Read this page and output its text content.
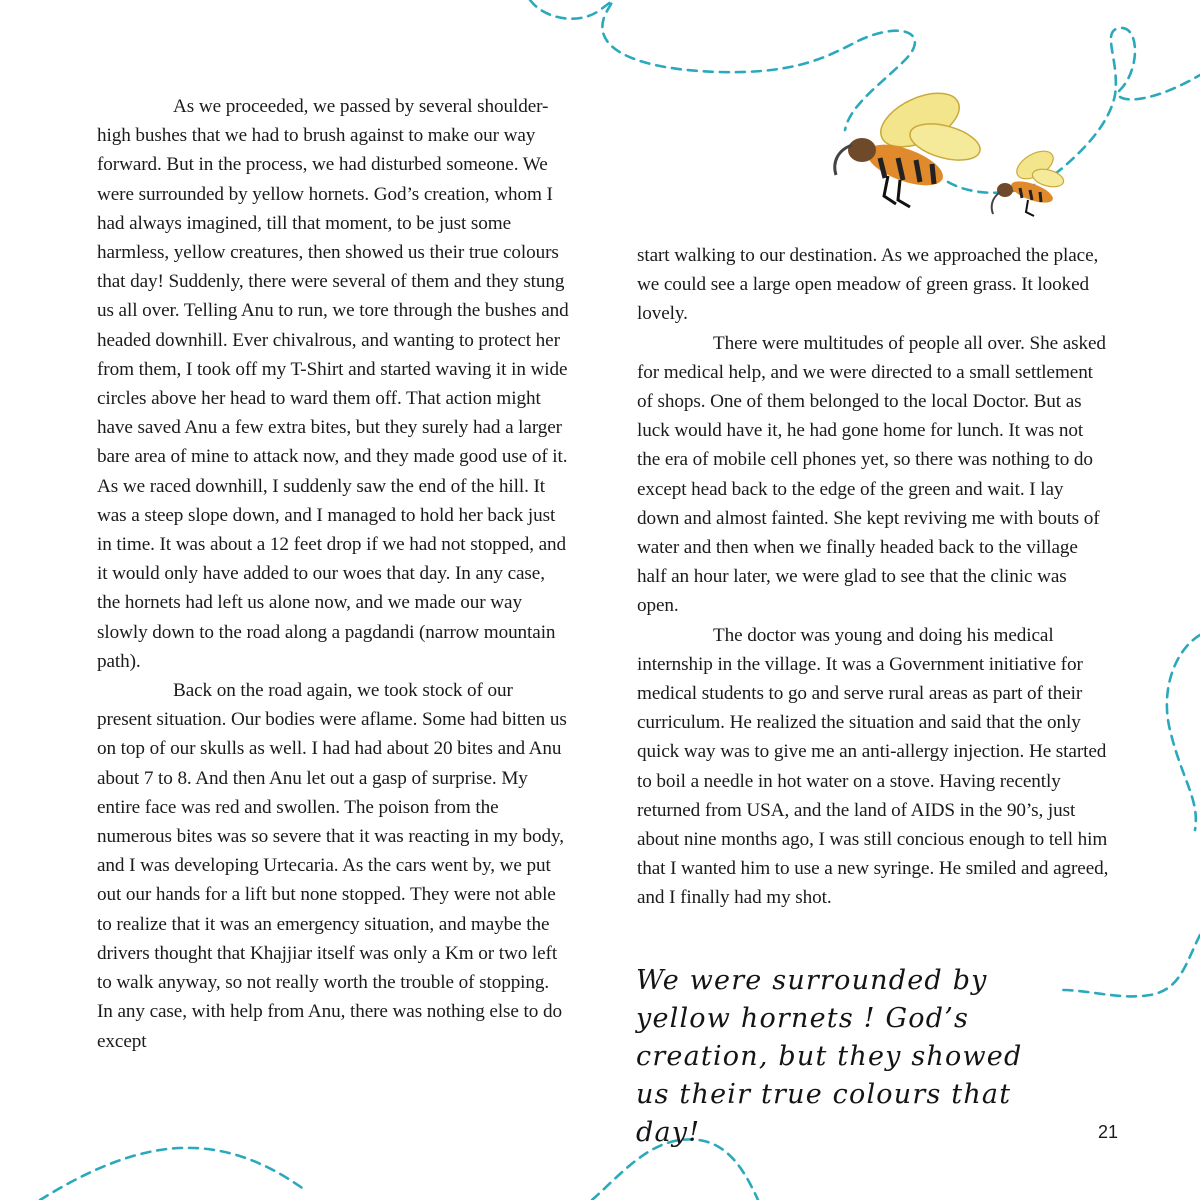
As we proceeded, we passed by several shoulder-high bushes that we had to brush against to make our way forward. But in the process, we had disturbed someone. We were surrounded by yellow hornets. God’s creation, whom I had always imagined, till that moment, to be just some harmless, yellow creatures, then showed us their true colours that day! Suddenly, there were several of them and they stung us all over. Telling Anu to run, we tore through the bushes and headed downhill. Ever chivalrous, and wanting to protect her from them, I took off my T-Shirt and started waving it in wide circles above her head to ward them off. That action might have saved Anu a few extra bites, but they surely had a larger bare area of mine to attack now, and they made good use of it. As we raced downhill, I suddenly saw the end of the hill. It was a steep slope down, and I managed to hold her back just in time. It was about a 12 feet drop if we had not stopped, and it would only have added to our woes that day. In any case, the hornets had left us alone now, and we made our way slowly down to the road along a pagdandi (narrow mountain path).

Back on the road again, we took stock of our present situation. Our bodies were aflame. Some had bitten us on top of our skulls as well. I had had about 20 bites and Anu about 7 to 8. And then Anu let out a gasp of surprise. My entire face was red and swollen. The poison from the numerous bites was so severe that it was reacting in my body, and I was developing Urtecaria. As the cars went by, we put out our hands for a lift but none stopped. They were not able to realize that it was an emergency situation, and maybe the drivers thought that Khajjiar itself was only a Km or two left to walk anyway, so not really worth the trouble of stopping. In any case, with help from Anu, there was nothing else to do except

start walking to our destination. As we approached the place, we could see a large open meadow of green grass. It looked lovely.

There were multitudes of people all over. She asked for medical help, and we were directed to a small settlement of shops. One of them belonged to the local Doctor. But as luck would have it, he had gone home for lunch. It was not the era of mobile cell phones yet, so there was nothing to do except head back to the edge of the green and wait. I lay down and almost fainted. She kept reviving me with bouts of water and then when we finally headed back to the village half an hour later, we were glad to see that the clinic was open.

The doctor was young and doing his medical internship in the village. It was a Government initiative for medical students to go and serve rural areas as part of their curriculum. He realized the situation and said that the only quick way was to give me an anti-allergy injection. He started to boil a needle in hot water on a stove. Having recently returned from USA, and the land of AIDS in the 90’s, just about nine months ago, I was still concious enough to tell him that I wanted him to use a new syringe. He smiled and agreed, and I finally had my shot.

We were surrounded by yellow hornets ! God’s creation, but they showed us their true colours that day!	21
